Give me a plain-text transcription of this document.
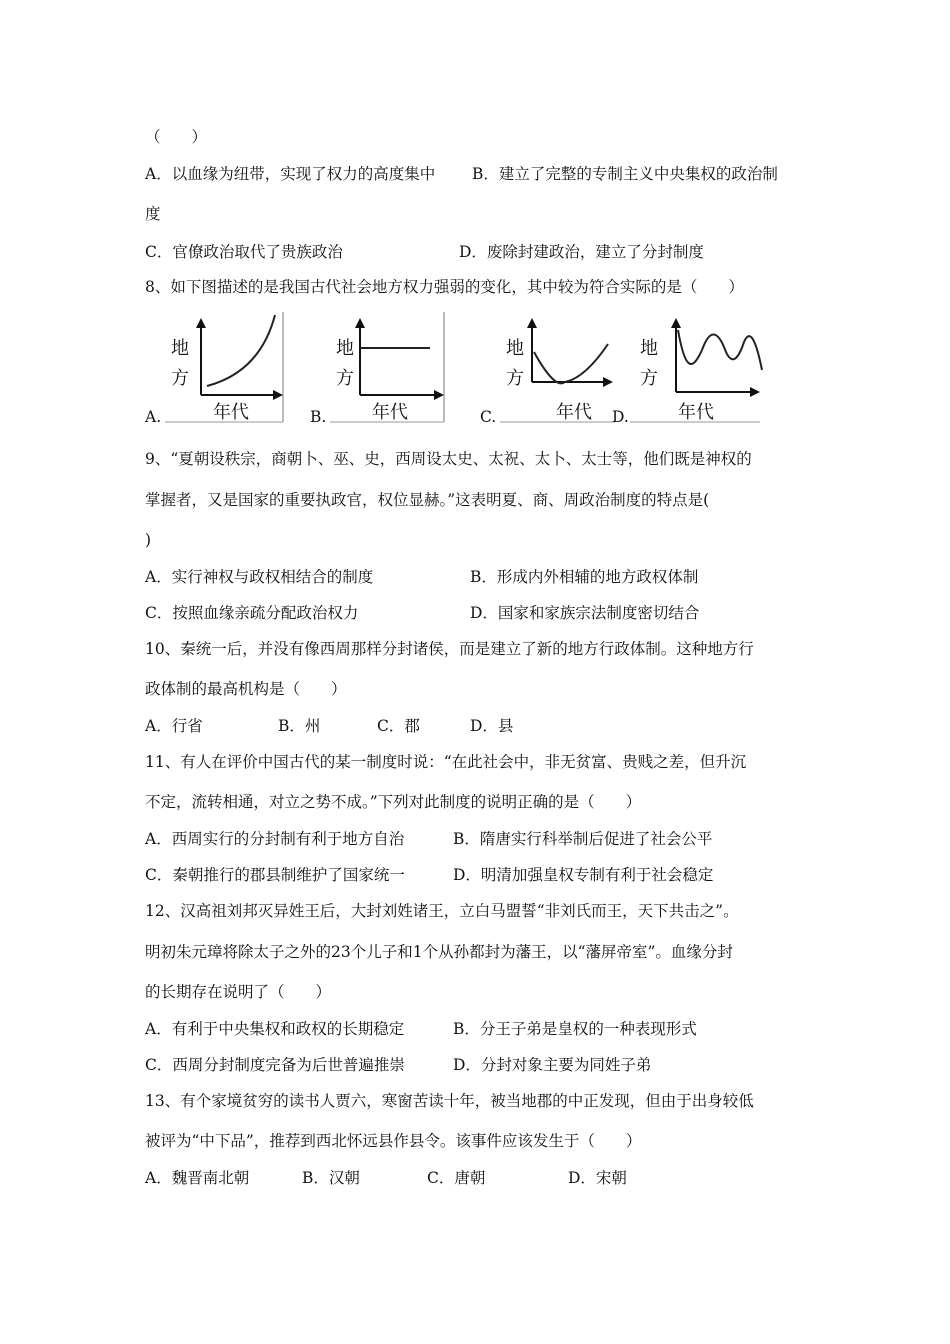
（　　）
A．以血缘为纽带，实现了权力的高度集中 B．建立了完整的专制主义中央集权的政治制
度
C．官僚政治取代了贵族政治	D．废除封建政治，建立了分封制度
8、如下图描述的是我国古代社会地方权力强弱的变化，其中较为符合实际的是（　　）
A.
地
方
年代	B.
地
方
年代	C.
地
方
年代 D.
地
方
年代
9、“夏朝设秩宗，商朝卜、巫、史，西周设太史、太祝、太卜、太士等，他们既是神权的
掌握者，又是国家的重要执政官，权位显赫。”这表明夏、商、周政治制度的特点是(
)
A．实行神权与政权相结合的制度	B．形成内外相辅的地方政权体制
C．按照血缘亲疏分配政治权力	D．国家和家族宗法制度密切结合
10、秦统一后，并没有像西周那样分封诸侯，而是建立了新的地方行政体制。这种地方行
政体制的最高机构是（　　）
A．行省	B．州	C．郡	D．县
11、有人在评价中国古代的某一制度时说：“在此社会中，非无贫富、贵贱之差，但升沉
不定，流转相通，对立之势不成。”下列对此制度的说明正确的是（　　）
A．西周实行的分封制有利于地方自治	B．隋唐实行科举制后促进了社会公平
C．秦朝推行的郡县制维护了国家统一	D．明清加强皇权专制有利于社会稳定
12、汉高祖刘邦灭异姓王后，大封刘姓诸王，立白马盟誓“非刘氏而王，天下共击之”。
明初朱元璋将除太子之外的23个儿子和1个从孙都封为藩王，以“藩屏帝室”。血缘分封
的长期存在说明了（　　）
A．有利于中央集权和政权的长期稳定	B．分王子弟是皇权的一种表现形式
C．西周分封制度完备为后世普遍推崇	D．分封对象主要为同姓子弟
13、有个家境贫穷的读书人贾六，寒窗苦读十年，被当地郡的中正发现，但由于出身较低
被评为“中下品”，推荐到西北怀远县作县令。该事件应该发生于（　　）
A．魏晋南北朝	B．汉朝	C．唐朝	D．宋朝
